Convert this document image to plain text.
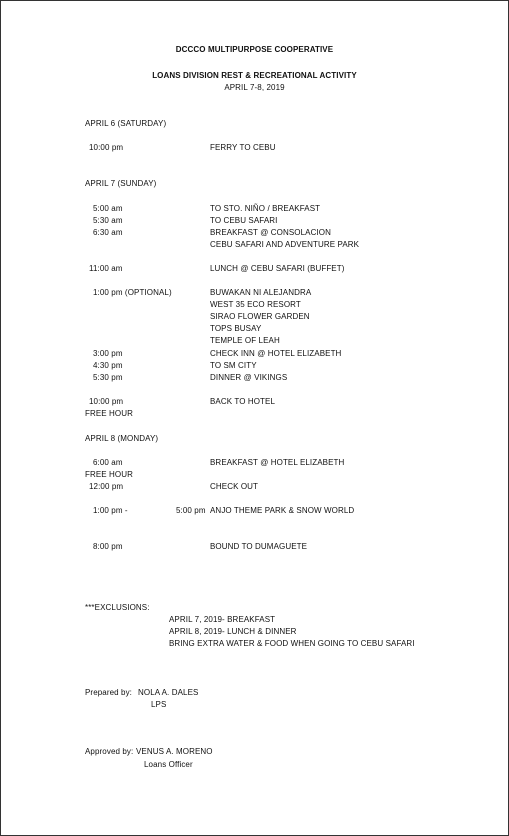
DCCCO MULTIPURPOSE COOPERATIVE
LOANS DIVISION REST & RECREATIONAL ACTIVITY
APRIL 7-8, 2019
APRIL 6 (SATURDAY)
10:00 pm	FERRY TO CEBU
APRIL 7 (SUNDAY)
5:00 am	TO STO. NIÑO / BREAKFAST
5:30 am	TO CEBU SAFARI
6:30 am	BREAKFAST @ CONSOLACION
CEBU SAFARI AND ADVENTURE PARK
11:00 am	LUNCH @ CEBU SAFARI (BUFFET)
1:00 pm (OPTIONAL)	BUWAKAN NI ALEJANDRA
WEST 35 ECO RESORT
SIRAO FLOWER GARDEN
TOPS BUSAY
TEMPLE OF LEAH
3:00 pm	CHECK INN @ HOTEL ELIZABETH
4:30 pm	TO SM CITY
5:30 pm	DINNER @ VIKINGS
10:00 pm	BACK TO HOTEL
FREE HOUR
APRIL 8 (MONDAY)
6:00 am	BREAKFAST @ HOTEL ELIZABETH
FREE HOUR
12:00 pm	CHECK OUT
1:00 pm -	5:00 pm ANJO THEME PARK & SNOW WORLD
8:00 pm	BOUND TO DUMAGUETE
***EXCLUSIONS:
APRIL 7, 2019- BREAKFAST
APRIL 8, 2019- LUNCH & DINNER
BRING EXTRA WATER & FOOD WHEN GOING TO CEBU SAFARI
Prepared by: NOLA A. DALES
LPS
Approved by: VENUS A. MORENO
Loans Officer
